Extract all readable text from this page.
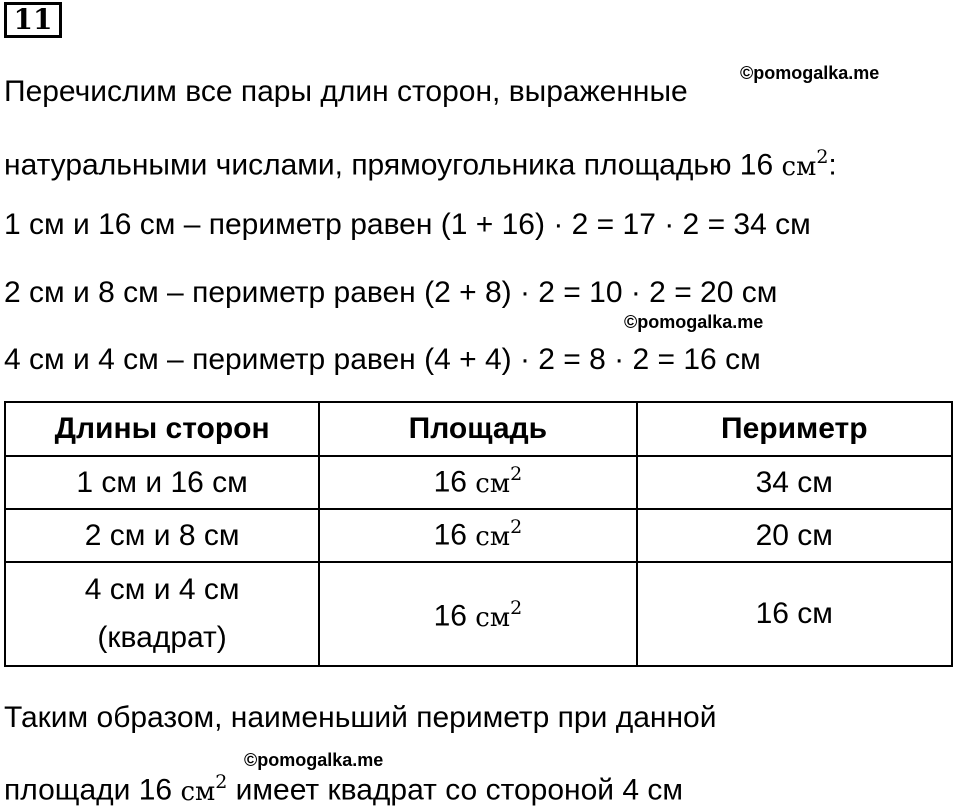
11
©pomogalka.me
Перечислим все пары длин сторон, выраженные
натуральными числами, прямоугольника площадью 16 $см^2$:
1 см и 16 см – периметр равен (1 + 16) · 2 = 17 · 2 = 34 см
2 см и 8 см – периметр равен (2 + 8) · 2 = 10 · 2 = 20 см
©pomogalka.me
4 см и 4 см – периметр равен (4 + 4) · 2 = 8 · 2 = 16 см
Длины сторон	Площадь	Периметр
1 см и 16 см	16 $см^2$	34 см
2 см и 8 см	16 $см^2$	20 см

4 см и 4 см
(квадрат)	16 $см^2$	16 см
Таким образом, наименьший периметр при данной
©pomogalka.me
площади 16 $см^2$ имеет квадрат со стороной 4 см
